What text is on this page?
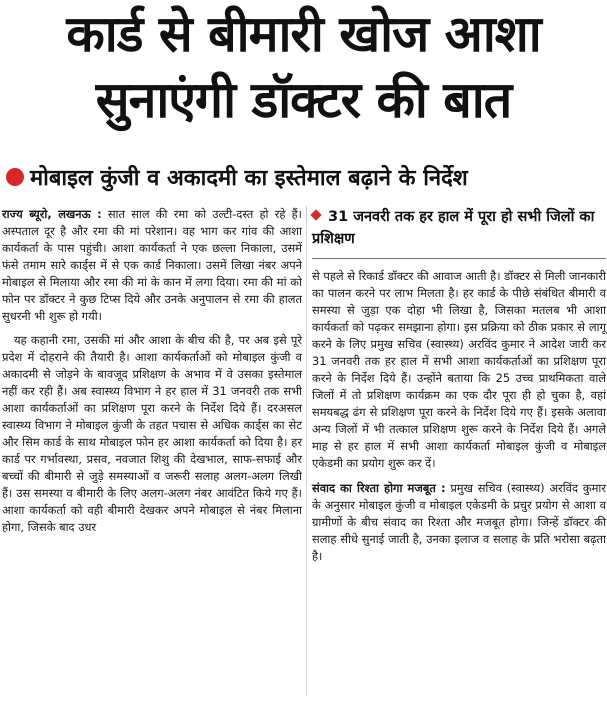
कार्ड से बीमारी खोज आशा
सुनाएंगी डॉक्टर की बात
मोबाइल कुंजी व अकादमी का इस्तेमाल बढ़ाने के निर्देश

राज्य ब्यूरो, लखनऊ : सात साल की रमा को उल्टी-दस्त हो रहे हैं। अस्पताल दूर है और रमा की मां परेशान। वह भाग कर गांव की आशा कार्यकर्ता के पास पहुंची। आशा कार्यकर्ता ने एक छल्ला निकाला, उसमें फंसे तमाम सारे कार्ड्स में से एक कार्ड निकाला। उसमें लिखा नंबर अपने मोबाइल से मिलाया और रमा की मां के कान में लगा दिया। रमा की मां को फोन पर डॉक्टर ने कुछ टिप्स दिये और उनके अनुपालन से रमा की हालत सुधरनी भी शुरू हो गयी।

यह कहानी रमा, उसकी मां और आशा के बीच की है, पर अब इसे पूरे प्रदेश में दोहराने की तैयारी है। आशा कार्यकर्ताओं को मोबाइल कुंजी व अकादमी से जोड़ने के बावजूद प्रशिक्षण के अभाव में वे उसका इस्तेमाल नहीं कर रही हैं। अब स्वास्थ्य विभाग ने हर हाल में 31 जनवरी तक सभी आशा कार्यकर्ताओं का प्रशिक्षण पूरा करने के निर्देश दिये हैं। दरअसल स्वास्थ्य विभाग ने मोबाइल कुंजी के तहत पचास से अधिक कार्ड्स का सेट और सिम कार्ड के साथ मोबाइल फोन हर आशा कार्यकर्ता को दिया है। हर कार्ड पर गर्भावस्था, प्रसव, नवजात शिशु की देखभाल, साफ-सफाई और बच्चों की बीमारी से जुड़े समस्याओं व जरूरी सलाह अलग-अलग लिखी हैं। उस समस्या व बीमारी के लिए अलग-अलग नंबर आवंटित किये गए हैं। आशा कार्यकर्ता को वही बीमारी देखकर अपने मोबाइल से नंबर मिलाना होगा, जिसके बाद उधर

31 जनवरी तक हर हाल में पूरा हो सभी जिलों का प्रशिक्षण

से पहले से रिकार्ड डॉक्टर की आवाज आती है। डॉक्टर से मिली जानकारी का पालन करने पर लाभ मिलता है। हर कार्ड के पीछे संबंधित बीमारी व समस्या से जुड़ा एक दोहा भी लिखा है, जिसका मतलब भी आशा कार्यकर्ता को पढ़कर समझाना होगा। इस प्रक्रिया को ठीक प्रकार से लागू करने के लिए प्रमुख सचिव (स्वास्थ्य) अरविंद कुमार ने आदेश जारी कर 31 जनवरी तक हर हाल में सभी आशा कार्यकर्ताओं का प्रशिक्षण पूरा करने के निर्देश दिये हैं। उन्होंने बताया कि 25 उच्च प्राथमिकता वाले जिलों में तो प्रशिक्षण कार्यक्रम का एक दौर पूरा ही हो चुका है, वहां समयबद्ध ढंग से प्रशिक्षण पूरा करने के निर्देश दिये गए हैं। इसके अलावा अन्य जिलों में भी तत्काल प्रशिक्षण शुरू करने के निर्देश दिये हैं। अगले माह से हर हाल में सभी आशा कार्यकर्ता मोबाइल कुंजी व मोबाइल एकेडमी का प्रयोग शुरू कर दें।

संवाद का रिश्ता होगा मजबूत : प्रमुख सचिव (स्वास्थ्य) अरविंद कुमार के अनुसार मोबाइल कुंजी व मोबाइल एकेडमी के प्रचुर प्रयोग से आशा व ग्रामीणों के बीच संवाद का रिश्ता और मजबूत होगा। जिन्हें डॉक्टर की सलाह सीधे सुनाई जाती है, उनका इलाज व सलाह के प्रति भरोसा बढ़ता है।
